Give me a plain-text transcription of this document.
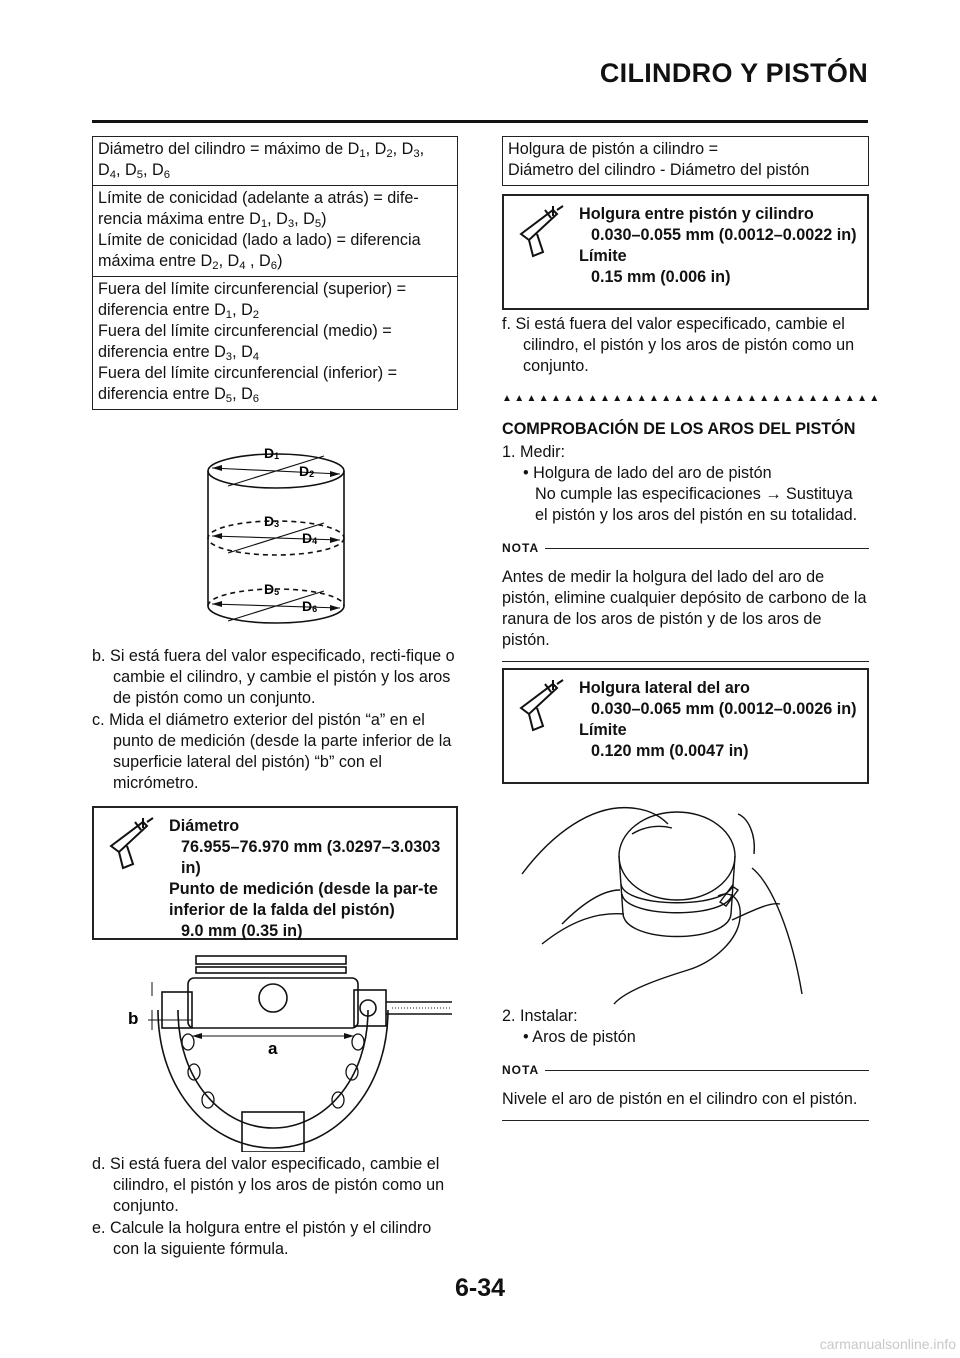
CILINDRO Y PISTÓN
Diámetro del cilindro = máximo de $D_1$, $D_2$, $D_3$,
$D_4$, $D_5$, $D_6$
Límite de conicidad (adelante a atrás) = dife-
rencia máxima entre $D_1$, $D_3$, $D_5$)
Límite de conicidad (lado a lado) = diferencia
máxima entre $D_2$, $D_4$ , $D_6$)
Fuera del límite circunferencial (superior) =
diferencia entre $D_1$, $D_2$
Fuera del límite circunferencial (medio) =
diferencia entre $D_3$, $D_4$
Fuera del límite circunferencial (inferior) =
diferencia entre $D_5$, $D_6$
D1
D2
D3
D4
D5
D6
b. Si está fuera del valor especificado, recti-fique o cambie el cilindro, y cambie el pistón y los aros de pistón como un conjunto.
c. Mida el diámetro exterior del pistón “a” en el punto de medición (desde la parte inferior de la superficie lateral del pistón) “b” con el micrómetro.
Diámetro
76.955–76.970 mm (3.0297–3.0303 in)
Punto de medición (desde la par-te inferior de la falda del pistón)
9.0 mm (0.35 in)
b
a
d. Si está fuera del valor especificado, cambie el cilindro, el pistón y los aros de pistón como un conjunto.
e. Calcule la holgura entre el pistón y el cilindro con la siguiente fórmula.
Holgura de pistón a cilindro =
Diámetro del cilindro - Diámetro del pistón
Holgura entre pistón y cilindro
0.030–0.055 mm (0.0012–0.0022 in)
Límite
0.15 mm (0.006 in)
f. Si está fuera del valor especificado, cambie el cilindro, el pistón y los aros de pistón como un conjunto.
▲▲▲▲▲▲▲▲▲▲▲▲▲▲▲▲▲▲▲▲▲▲▲▲▲▲▲▲▲▲▲
COMPROBACIÓN DE LOS AROS DEL PISTÓN
1. Medir:
• Holgura de lado del aro de pistón
No cumple las especificaciones → Sustituya el pistón y los aros del pistón en su totalidad.
NOTA
Antes de medir la holgura del lado del aro de pistón, elimine cualquier depósito de carbono de la ranura de los aros de pistón y de los aros de pistón.
Holgura lateral del aro
0.030–0.065 mm (0.0012–0.0026 in)
Límite
0.120 mm (0.0047 in)
2. Instalar:
• Aros de pistón
NOTA
Nivele el aro de pistón en el cilindro con el pistón.
6-34
carmanualsonline.info
